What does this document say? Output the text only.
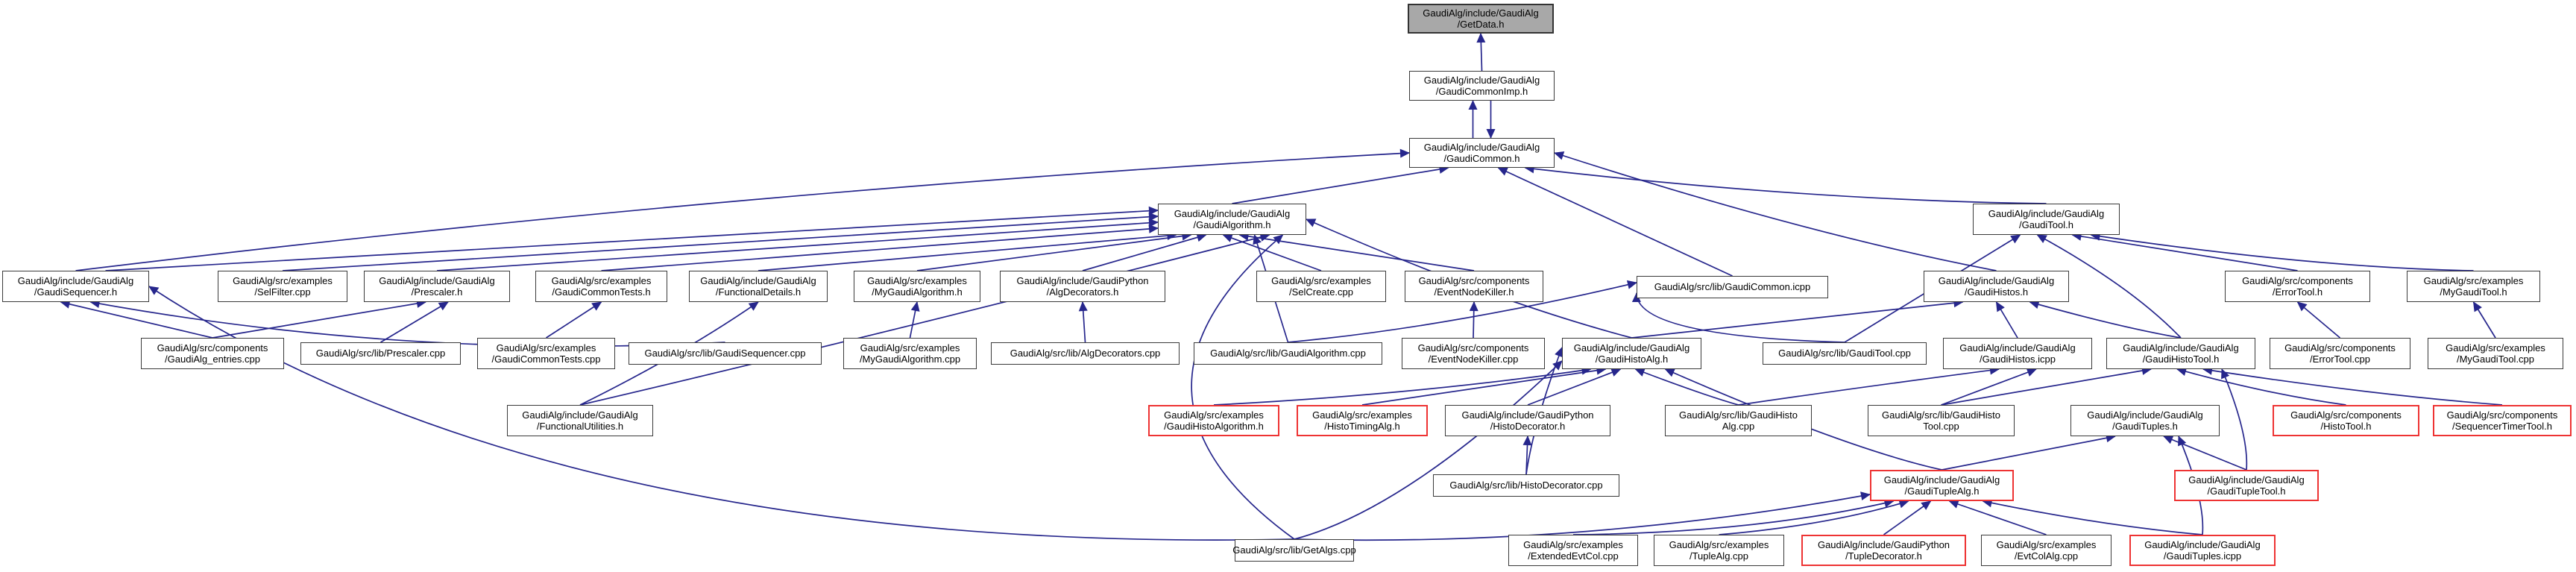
GaudiAlg/include/GaudiAlg
/GetData.h
GaudiAlg/include/GaudiAlg
/GaudiCommonImp.h
GaudiAlg/include/GaudiAlg
/GaudiCommon.h
GaudiAlg/include/GaudiAlg
/GaudiAlgorithm.h
GaudiAlg/include/GaudiAlg
/GaudiTool.h
GaudiAlg/include/GaudiAlg
/GaudiSequencer.h
GaudiAlg/src/examples
/SelFilter.cpp
GaudiAlg/include/GaudiAlg
/Prescaler.h
GaudiAlg/src/examples
/GaudiCommonTests.h
GaudiAlg/include/GaudiAlg
/FunctionalDetails.h
GaudiAlg/src/examples
/MyGaudiAlgorithm.h
GaudiAlg/include/GaudiPython
/AlgDecorators.h
GaudiAlg/src/examples
/SelCreate.cpp
GaudiAlg/src/components
/EventNodeKiller.h	GaudiAlg/src/lib/GaudiCommon.icpp
GaudiAlg/include/GaudiAlg
/GaudiHistos.h
GaudiAlg/src/components
/ErrorTool.h
GaudiAlg/src/examples
/MyGaudiTool.h
GaudiAlg/src/components
/GaudiAlg_entries.cpp
GaudiAlg/src/lib/Prescaler.cpp
GaudiAlg/src/examples
/GaudiCommonTests.cpp
GaudiAlg/src/lib/GaudiSequencer.cpp
GaudiAlg/src/examples
/MyGaudiAlgorithm.cpp
GaudiAlg/src/lib/AlgDecorators.cpp	GaudiAlg/src/lib/GaudiAlgorithm.cpp
GaudiAlg/src/components
/EventNodeKiller.cpp
GaudiAlg/include/GaudiAlg
/GaudiHistoAlg.h
GaudiAlg/src/lib/GaudiTool.cpp
GaudiAlg/include/GaudiAlg
/GaudiHistos.icpp
GaudiAlg/include/GaudiAlg
/GaudiHistoTool.h
GaudiAlg/src/components
/ErrorTool.cpp
GaudiAlg/src/examples
/MyGaudiTool.cpp
GaudiAlg/include/GaudiAlg
/FunctionalUtilities.h
GaudiAlg/src/examples
/GaudiHistoAlgorithm.h
GaudiAlg/src/examples
/HistoTimingAlg.h
GaudiAlg/include/GaudiPython
/HistoDecorator.h
GaudiAlg/src/lib/GaudiHisto
Alg.cpp
GaudiAlg/src/lib/GaudiHisto
Tool.cpp
GaudiAlg/include/GaudiAlg
/GaudiTuples.h
GaudiAlg/src/components
/HistoTool.h
GaudiAlg/src/components
/SequencerTimerTool.h
GaudiAlg/src/lib/HistoDecorator.cpp
GaudiAlg/include/GaudiAlg
/GaudiTupleAlg.h
GaudiAlg/include/GaudiAlg
/GaudiTupleTool.h
GaudiAlg/src/lib/GetAlgs.cpp
GaudiAlg/src/examples
/ExtendedEvtCol.cpp
GaudiAlg/src/examples
/TupleAlg.cpp
GaudiAlg/include/GaudiPython
/TupleDecorator.h
GaudiAlg/src/examples
/EvtColAlg.cpp
GaudiAlg/include/GaudiAlg
/GaudiTuples.icpp
